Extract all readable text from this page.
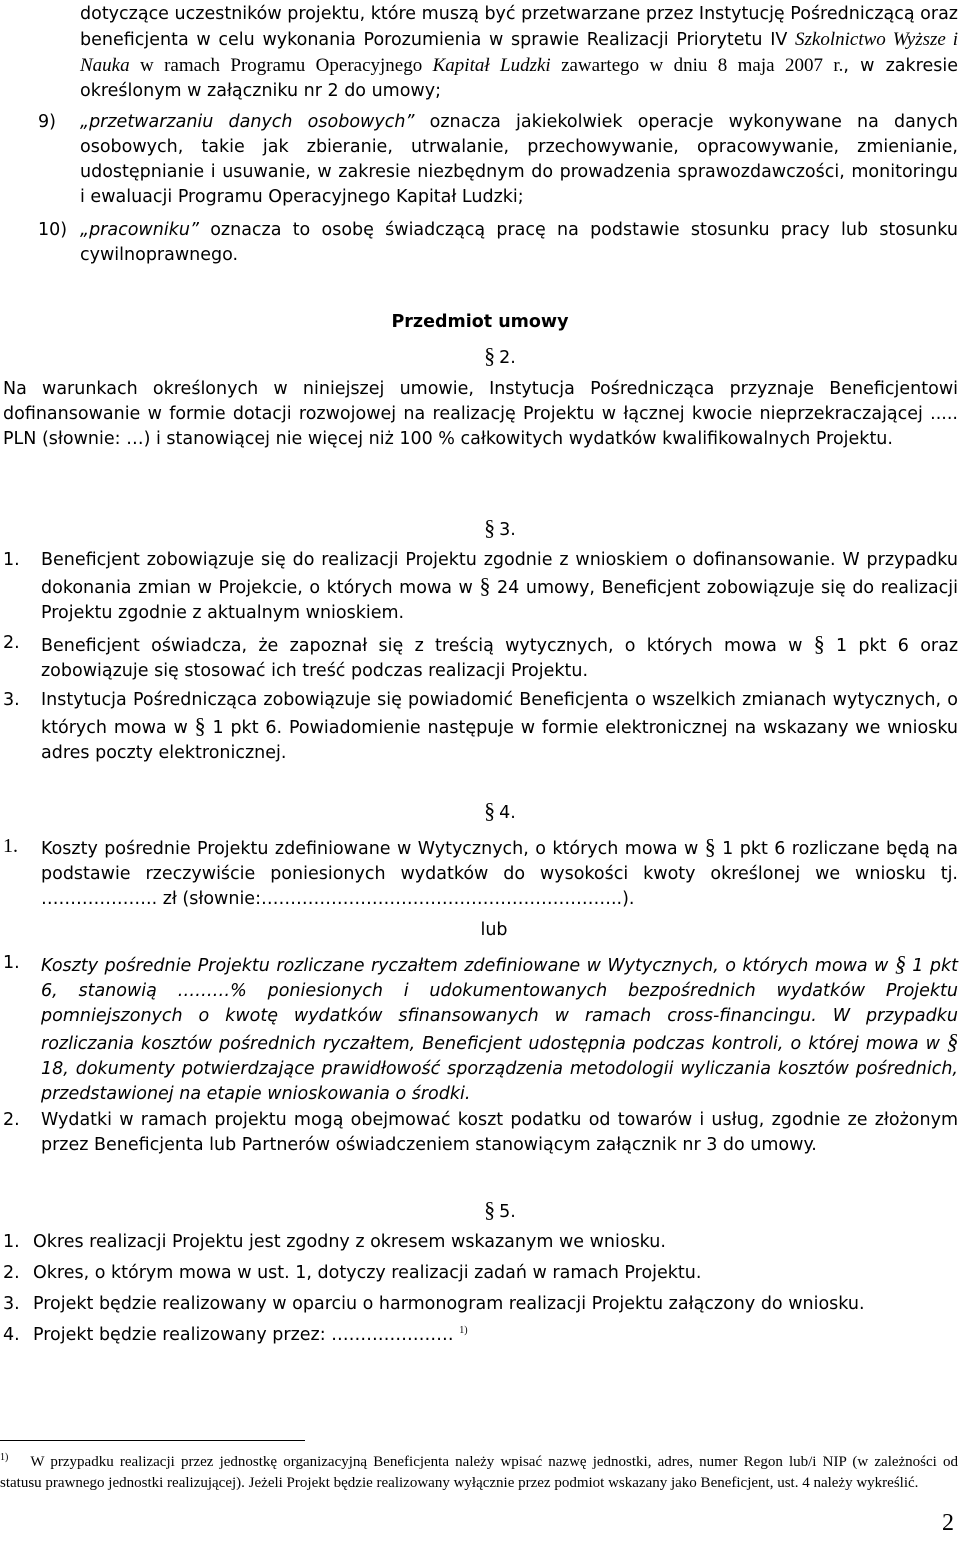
dotyczące uczestników projektu, które muszą być przetwarzane przez Instytucję Pośredniczącą oraz beneficjenta w celu wykonania Porozumienia w sprawie Realizacji Priorytetu IV Szkolnictwo Wyższe i Nauka w ramach Programu Operacyjnego Kapitał Ludzki zawartego w dniu 8 maja 2007 r., w zakresie określonym w załączniku nr 2 do umowy;

9)	„przetwarzaniu danych osobowych” oznacza jakiekolwiek operacje wykonywane na danych osobowych, takie jak zbieranie, utrwalanie, przechowywanie, opracowywanie, zmienianie, udostępnianie i usuwanie, w zakresie niezbędnym do prowadzenia sprawozdawczości, monitoringu i ewaluacji Programu Operacyjnego Kapitał Ludzki;
10) „pracowniku” oznacza to osobę świadczącą pracę na podstawie stosunku pracy lub stosunku cywilnoprawnego.
Przedmiot umowy
§ 2.

Na warunkach określonych w niniejszej umowie, Instytucja Pośrednicząca przyznaje Beneficjentowi dofinansowanie w formie dotacji rozwojowej na realizację Projektu w łącznej kwocie nieprzekraczającej ..... PLN (słownie: …) i stanowiącej nie więcej niż 100 % całkowitych wydatków kwalifikowalnych Projektu.

§ 3.
1.	Beneficjent zobowiązuje się do realizacji Projektu zgodnie z wnioskiem o dofinansowanie. W przypadku dokonania zmian w Projekcie, o których mowa w § 24 umowy, Beneficjent zobowiązuje się do realizacji Projektu zgodnie z aktualnym wnioskiem.
2.	Beneficjent oświadcza, że zapoznał się z treścią wytycznych, o których mowa w § 1 pkt 6 oraz zobowiązuje się stosować ich treść podczas realizacji Projektu.
3.	Instytucja Pośrednicząca zobowiązuje się powiadomić Beneficjenta o wszelkich zmianach wytycznych, o których mowa w § 1 pkt 6. Powiadomienie następuje w formie elektronicznej na wskazany we wniosku adres poczty elektronicznej.
§ 4.
1.	Koszty pośrednie Projektu zdefiniowane w Wytycznych, o których mowa w § 1 pkt 6 rozliczane będą na podstawie rzeczywiście poniesionych wydatków do wysokości kwoty określonej we wniosku tj. ……………….. zł (słownie:……………………………………………………..).
lub
1.	Koszty pośrednie Projektu rozliczane ryczałtem zdefiniowane w Wytycznych, o których mowa w § 1 pkt 6, stanowią ………% poniesionych i udokumentowanych bezpośrednich wydatków Projektu pomniejszonych o kwotę wydatków sfinansowanych w ramach cross-financingu. W przypadku rozliczania kosztów pośrednich ryczałtem, Beneficjent udostępnia podczas kontroli, o której mowa w § 18, dokumenty potwierdzające prawidłowość sporządzenia metodologii wyliczania kosztów pośrednich, przedstawionej na etapie wnioskowania o środki.
2.	Wydatki w ramach projektu mogą obejmować koszt podatku od towarów i usług, zgodnie ze złożonym przez Beneficjenta lub Partnerów oświadczeniem stanowiącym załącznik nr 3 do umowy.
§ 5.
1. Okres realizacji Projektu jest zgodny z okresem wskazanym we wniosku.
2. Okres, o którym mowa w ust. 1, dotyczy realizacji zadań w ramach Projektu.
3. Projekt będzie realizowany w oparciu o harmonogram realizacji Projektu załączony do wniosku.
4. Projekt będzie realizowany przez: ………………… $^{1)}$
$^{1)}$ W przypadku realizacji przez jednostkę organizacyjną Beneficjenta należy wpisać nazwę jednostki, adres, numer Regon lub/i NIP (w zależności od statusu prawnego jednostki realizującej). Jeżeli Projekt będzie realizowany wyłącznie przez podmiot wskazany jako Beneficjent, ust. 4 należy wykreślić.
2
